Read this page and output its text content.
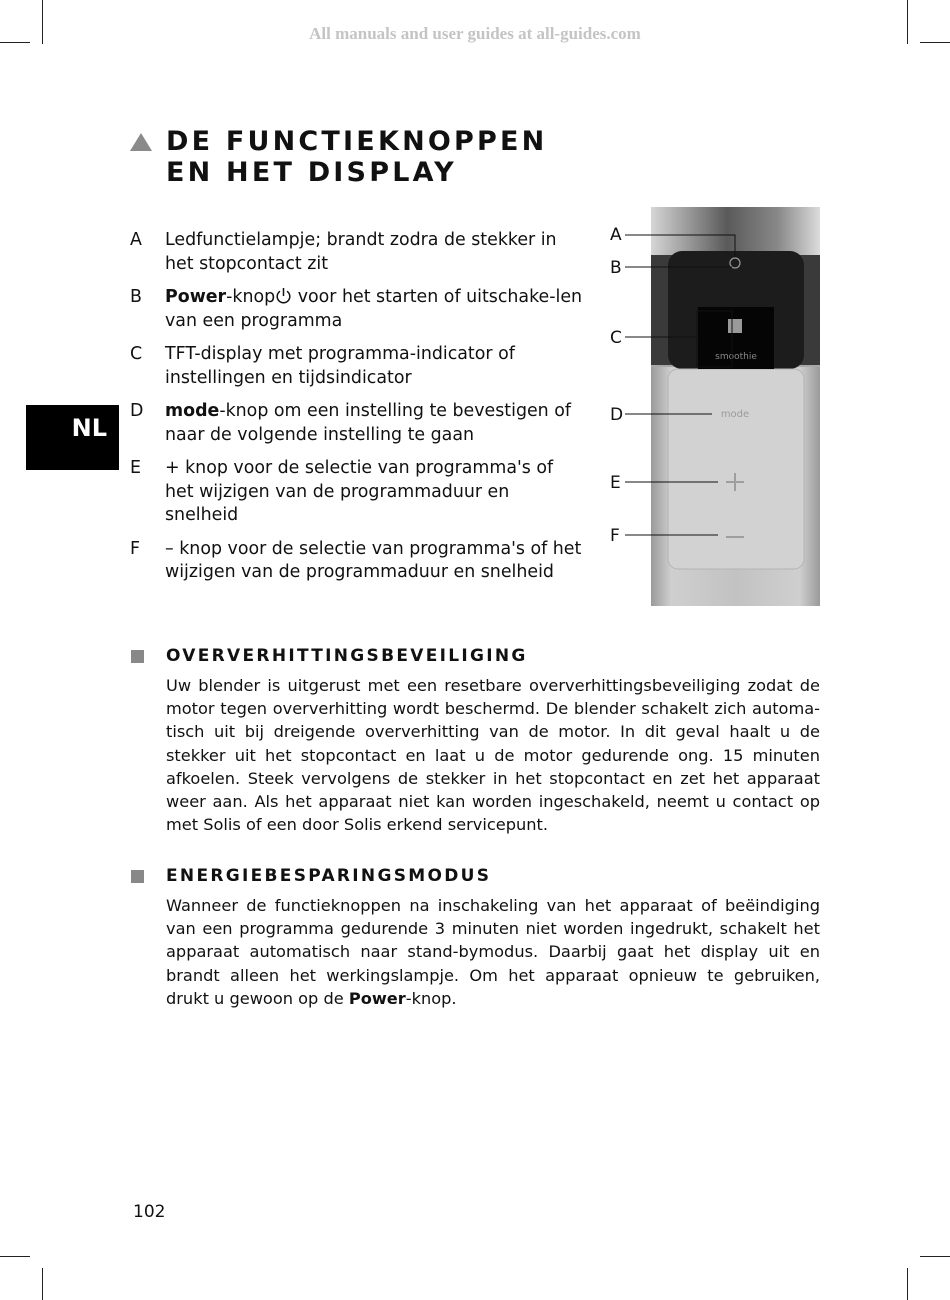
All manuals and user guides at all-guides.com
DE FUNCTIEKNOPPEN
EN HET DISPLAY
NL
A Ledfunctielampje; brandt zodra de stekker in het stopcontact zit
B Power-knop voor het starten of uitschake-len van een programma
C TFT-display met programma-indicator of instellingen en tijdsindicator
D mode-knop om een instelling te bevestigen of naar de volgende instelling te gaan
E + knop voor de selectie van programma's of het wijzigen van de programmaduur en snelheid
F – knop voor de selectie van programma's of het wijzigen van de programmaduur en snelheid
smoothie
mode
A
B
C
D
E
F
OVERVERHITTINGSBEVEILIGING
Uw blender is uitgerust met een resetbare oververhittingsbeveiliging zodat de motor tegen oververhitting wordt beschermd. De blender schakelt zich automa-tisch uit bij dreigende oververhitting van de motor. In dit geval haalt u de stekker uit het stopcontact en laat u de motor gedurende ong. 15 minuten afkoelen. Steek vervolgens de stekker in het stopcontact en zet het apparaat weer aan. Als het apparaat niet kan worden ingeschakeld, neemt u contact op met Solis of een door Solis erkend servicepunt.
ENERGIEBESPARINGSMODUS
Wanneer de functieknoppen na inschakeling van het apparaat of beëindiging van een programma gedurende 3 minuten niet worden ingedrukt, schakelt het apparaat automatisch naar stand-bymodus. Daarbij gaat het display uit en brandt alleen het werkingslampje. Om het apparaat opnieuw te gebruiken, drukt u gewoon op de Power-knop.
102
